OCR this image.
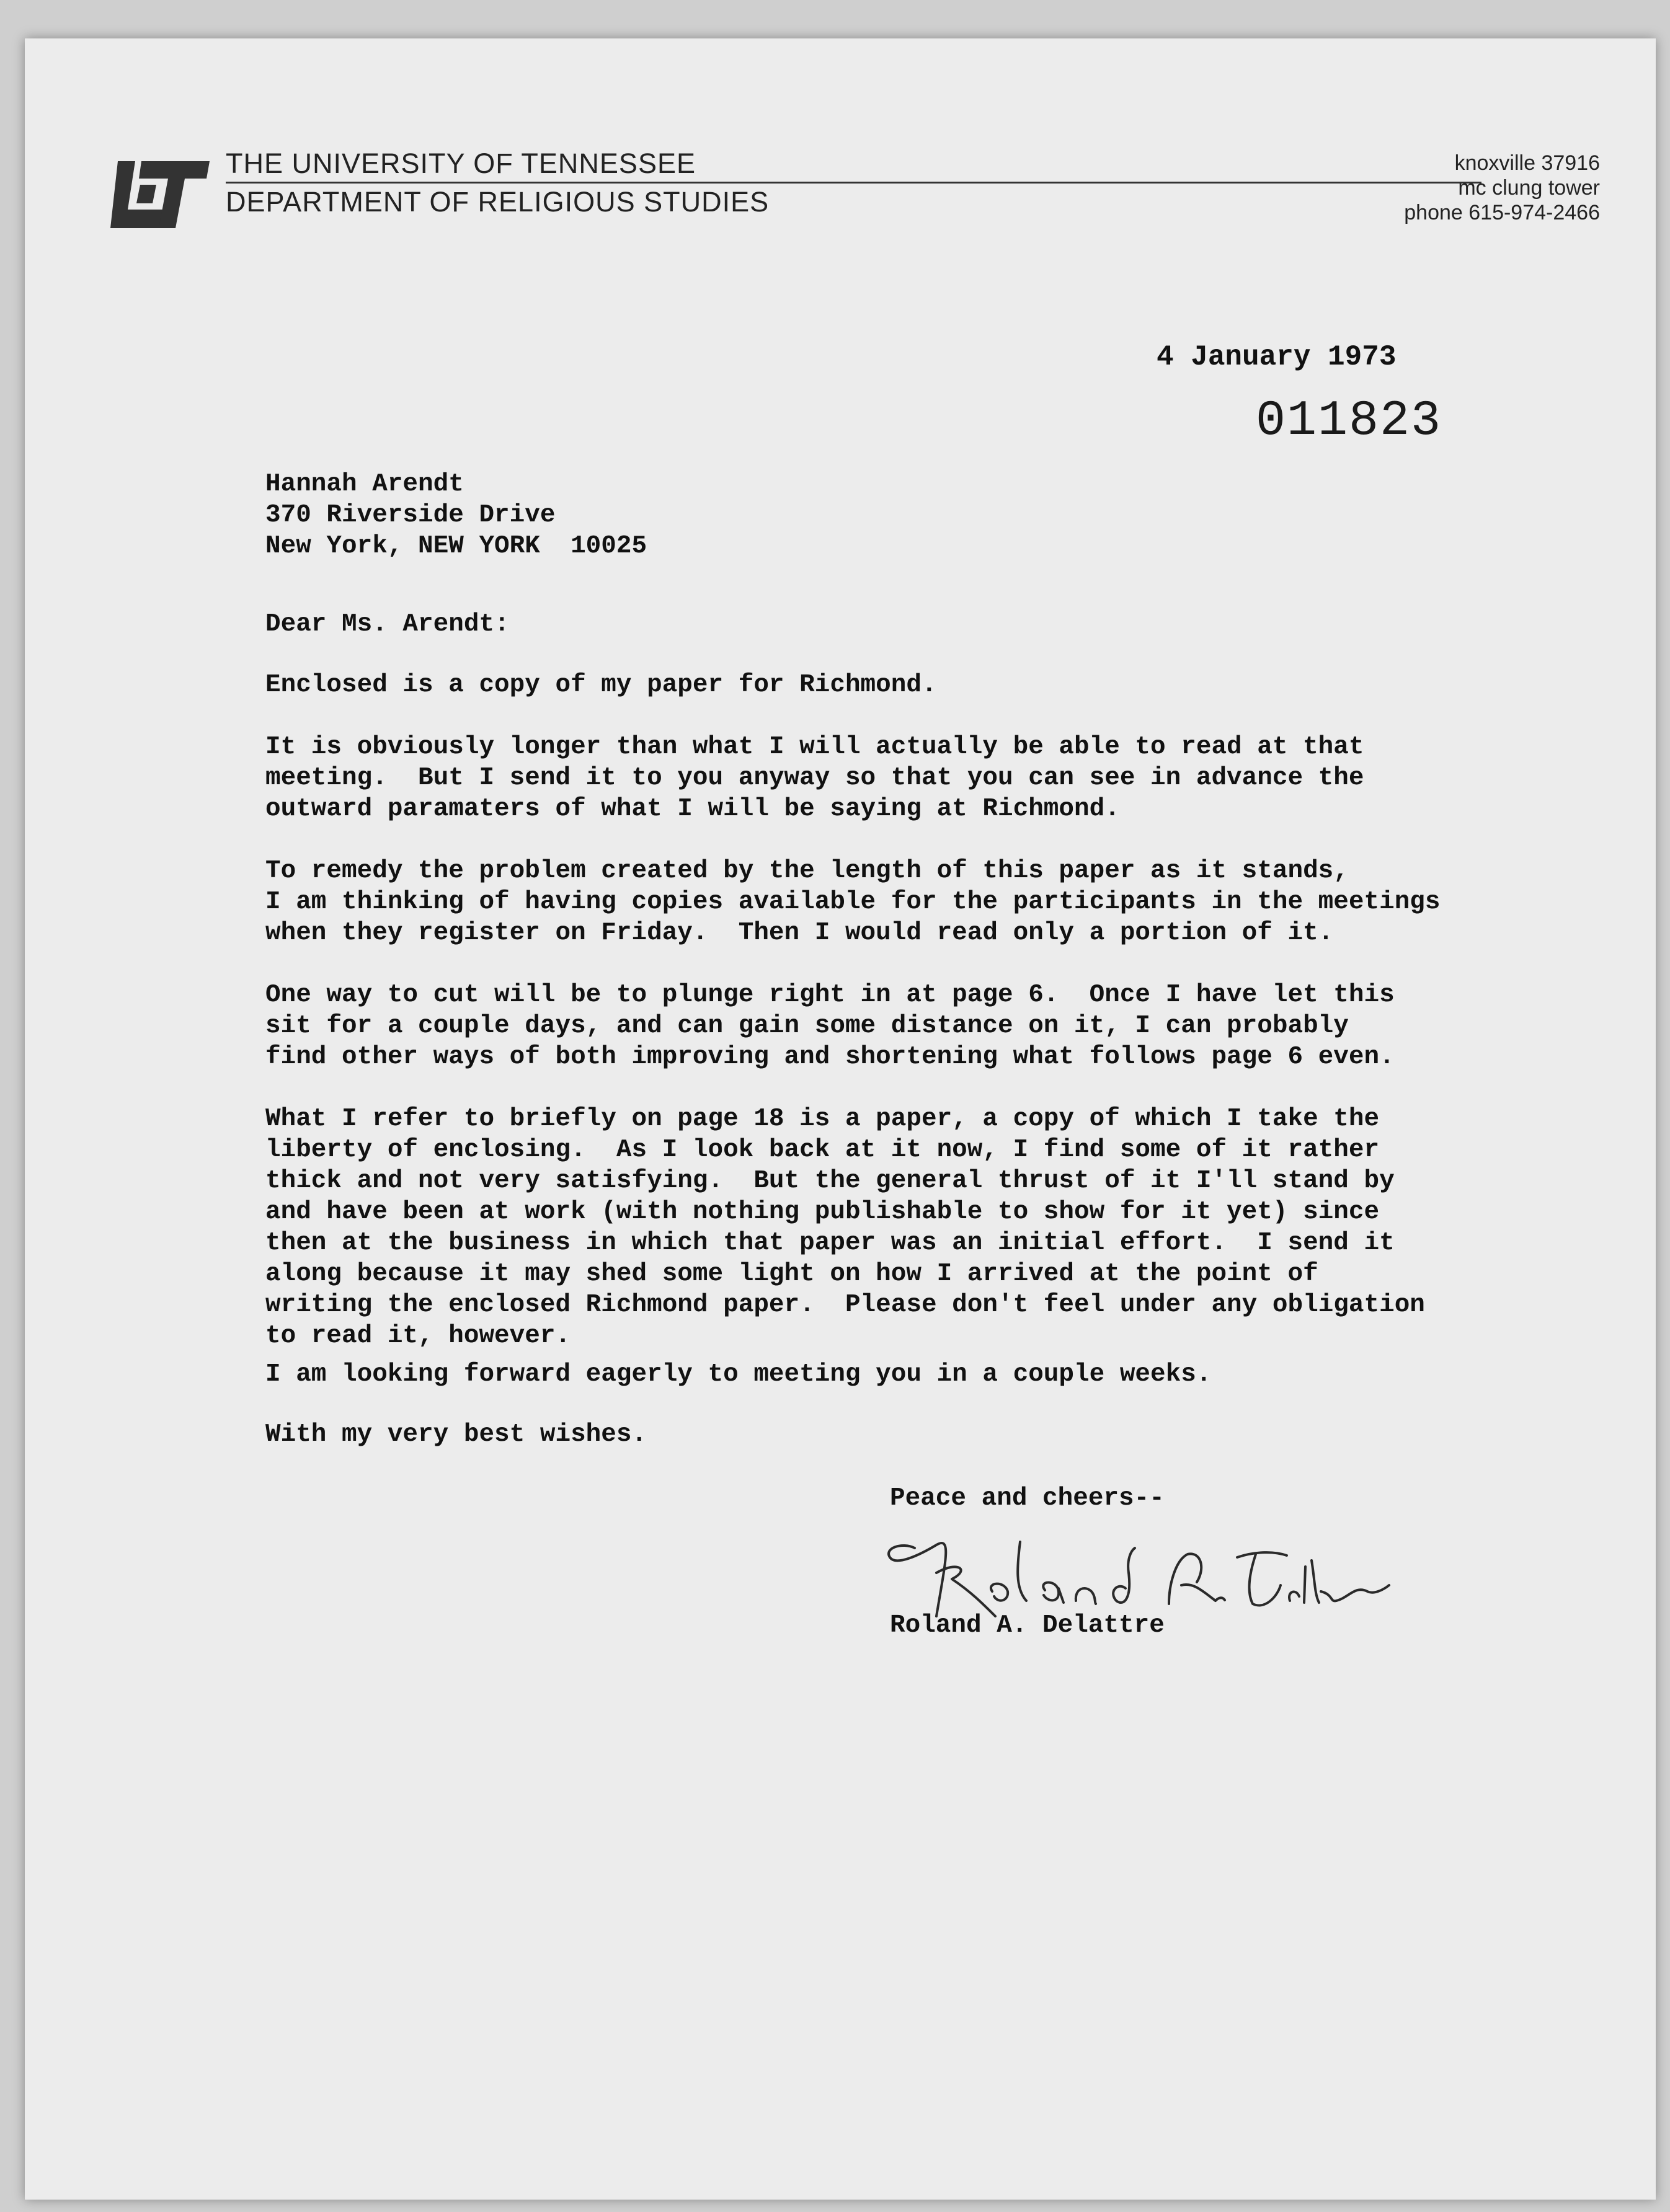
THE UNIVERSITY OF TENNESSEE
DEPARTMENT OF RELIGIOUS STUDIES
knoxville 37916
mc clung tower
phone 615-974-2466
4 January 1973
011823
Hannah Arendt
370 Riverside Drive
New York, NEW YORK  10025
Dear Ms. Arendt:
Enclosed is a copy of my paper for Richmond.
It is obviously longer than what I will actually be able to read at that
meeting.  But I send it to you anyway so that you can see in advance the
outward paramaters of what I will be saying at Richmond.
To remedy the problem created by the length of this paper as it stands,
I am thinking of having copies available for the participants in the meetings
when they register on Friday.  Then I would read only a portion of it.
One way to cut will be to plunge right in at page 6.  Once I have let this
sit for a couple days, and can gain some distance on it, I can probably
find other ways of both improving and shortening what follows page 6 even.
What I refer to briefly on page 18 is a paper, a copy of which I take the
liberty of enclosing.  As I look back at it now, I find some of it rather
thick and not very satisfying.  But the general thrust of it I'll stand by
and have been at work (with nothing publishable to show for it yet) since
then at the business in which that paper was an initial effort.  I send it
along because it may shed some light on how I arrived at the point of
writing the enclosed Richmond paper.  Please don't feel under any obligation
to read it, however.
I am looking forward eagerly to meeting you in a couple weeks.
With my very best wishes.
Peace and cheers--
Roland A. Delattre
